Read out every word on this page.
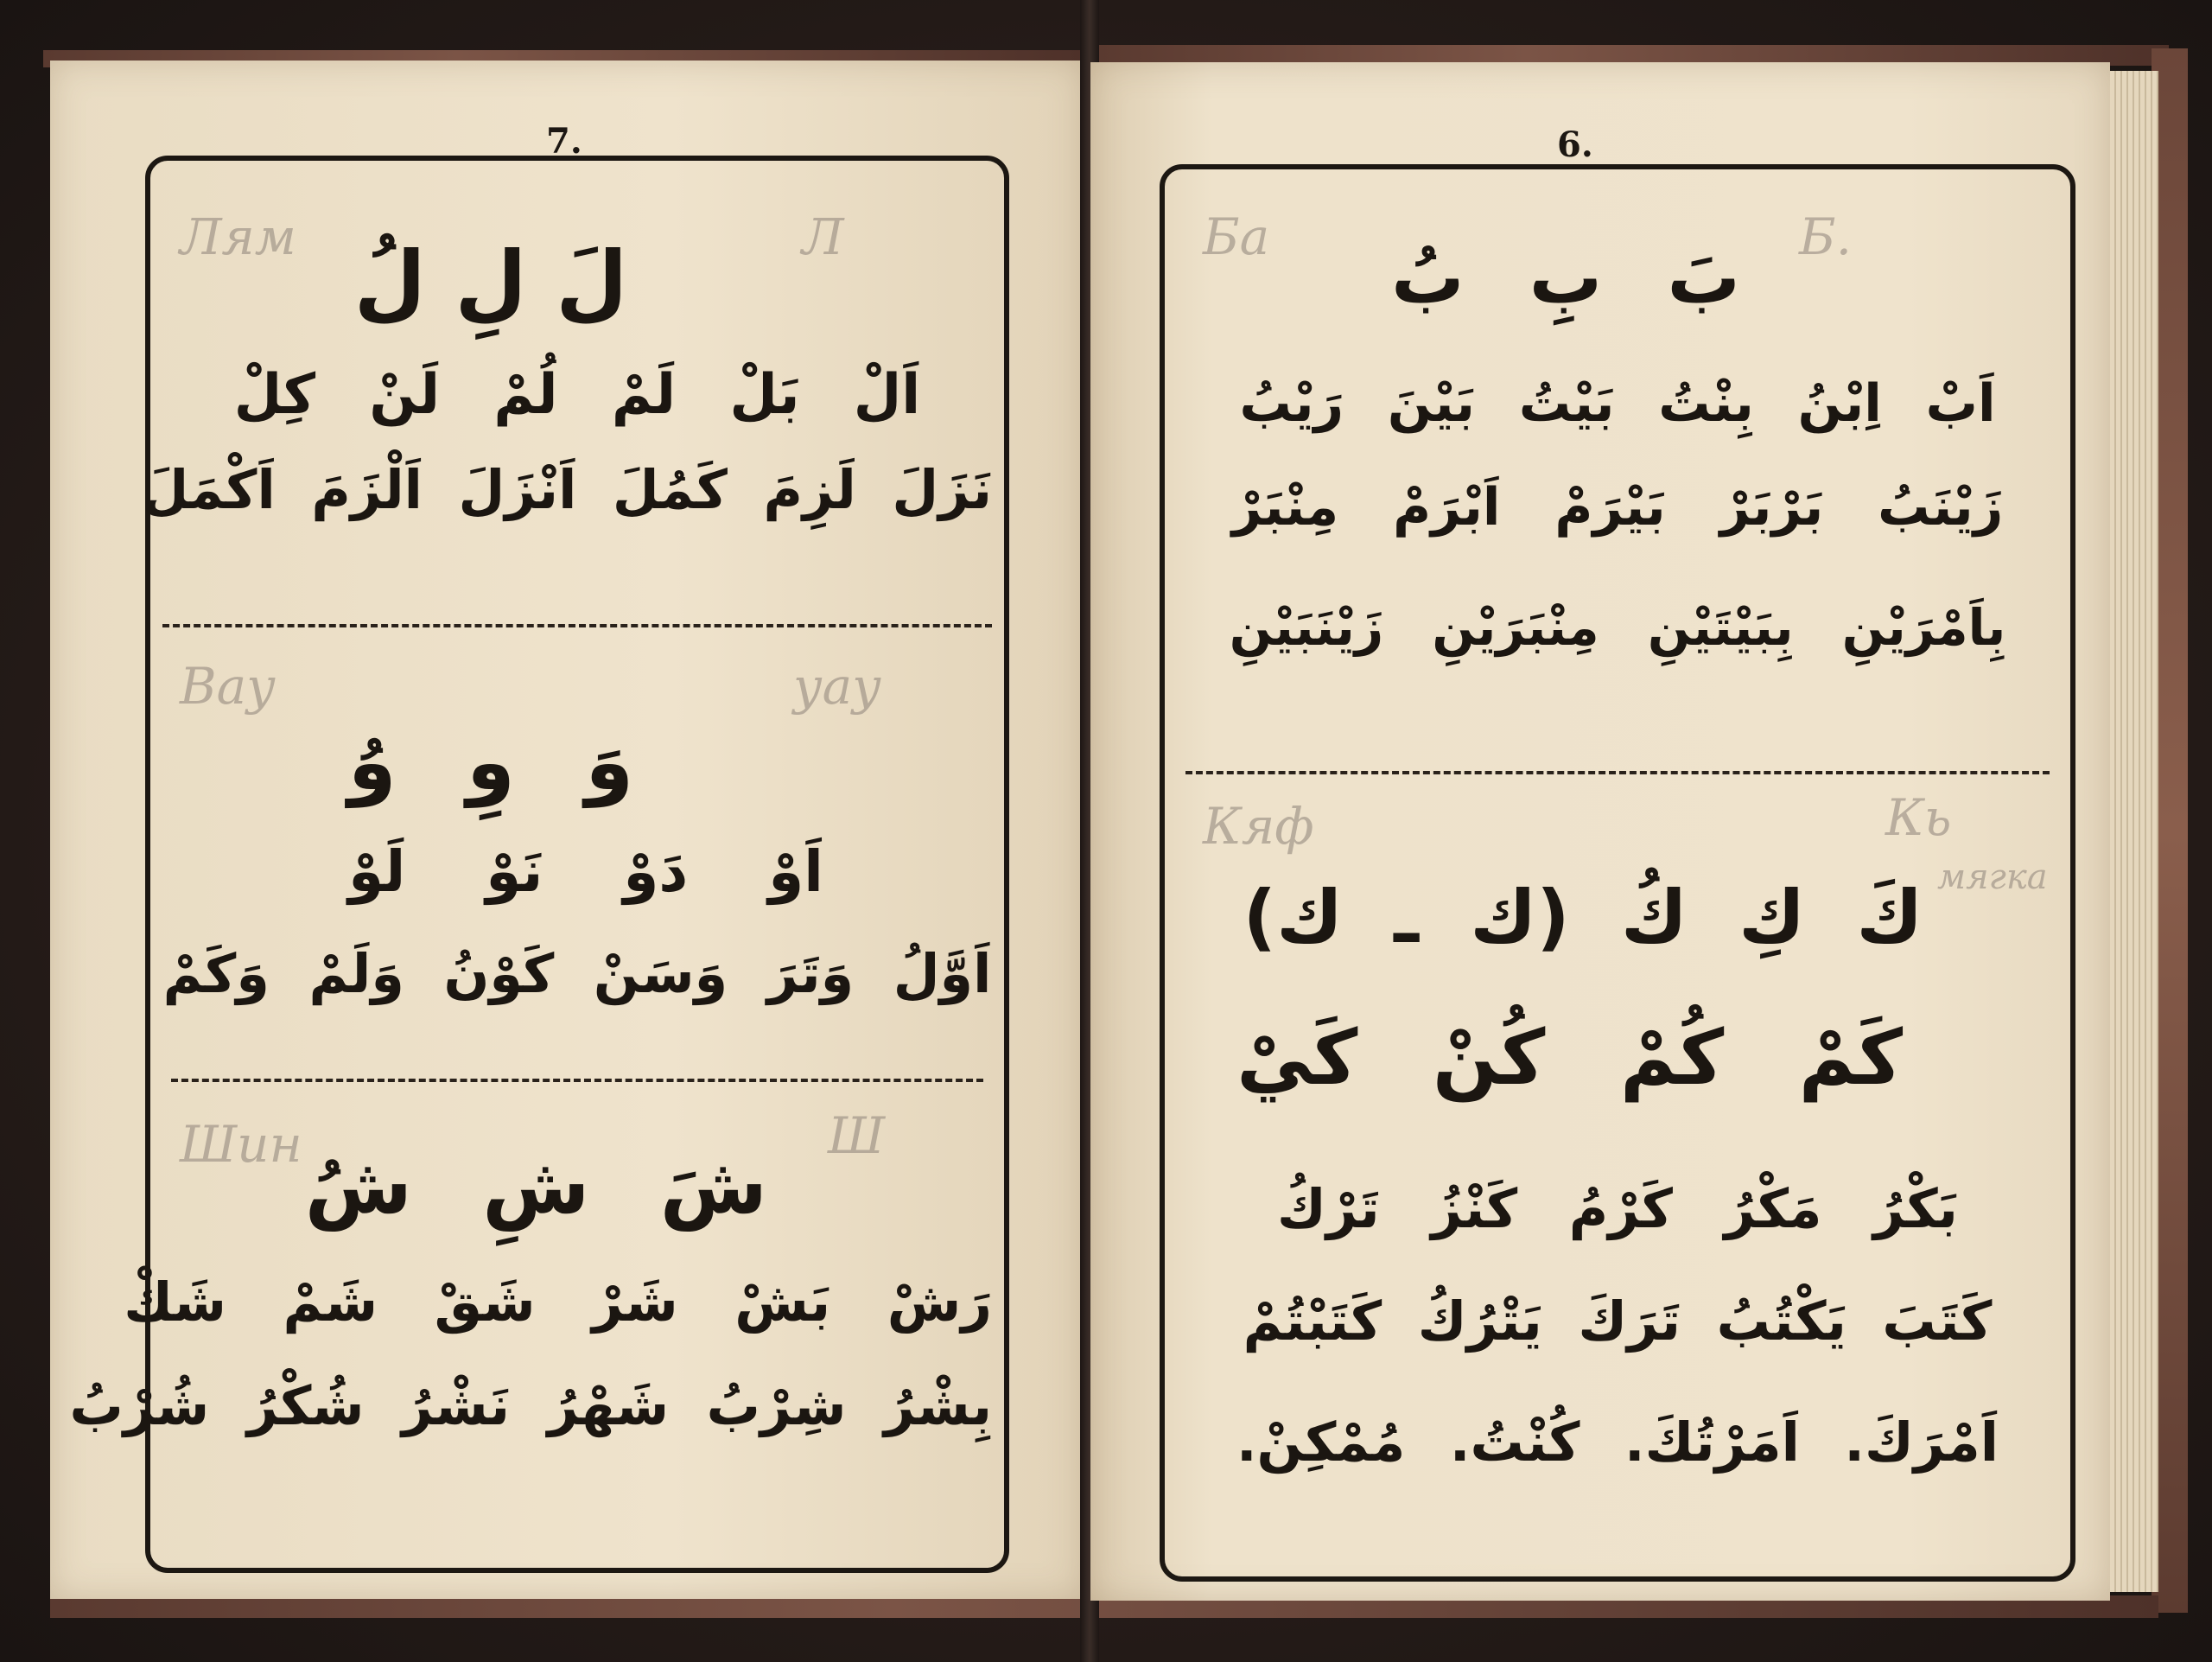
7.
Лям	Л
لَ لِ لُ
اَلْ بَلْ لَمْ لُمْ لَنْ كِلْ
نَزَلَ لَزِمَ كَمُلَ اَنْزَلَ اَلْزَمَ اَكْمَلَ
Вау	уау
وَ وِ وُ
اَوْ دَوْ نَوْ لَوْ
اَوَّلُ وَتَرَ وَسَنْ كَوْنُ وَلَمْ وَكَمْ
Шин	Ш
شَ شِ شُ
رَشْ بَشْ شَرْ شَقْ شَمْ شَكْ
بِشْرُ شِرْبُ شَهْرُ نَشْرُ شُكْرُ شُرْبُ
6.
Ба	Б.
بَ بِ بُ
اَبْ اِبْنُ بِنْتُ بَيْتُ بَيْنَ رَيْبُ
زَيْنَبُ بَرْبَرْ بَيْرَمْ اَبْرَمْ مِنْبَرْ
بِاَمْرَيْنِ بِبَيْتَيْنِ مِنْبَرَيْنِ زَيْنَبَيْنِ
Кяф	Кь
мягка
كَ كِ كُ (ك ـ ك)
كَمْ كُمْ كُنْ كَيْ
بَكْرُ مَكْرُ كَرْمُ كَنْزُ تَرْكُ
كَتَبَ يَكْتُبُ تَرَكَ يَتْرُكُ كَتَبْتُمْ
اَمْرَكَ. اَمَرْتُكَ. كُنْتُ. مُمْكِنْ.
